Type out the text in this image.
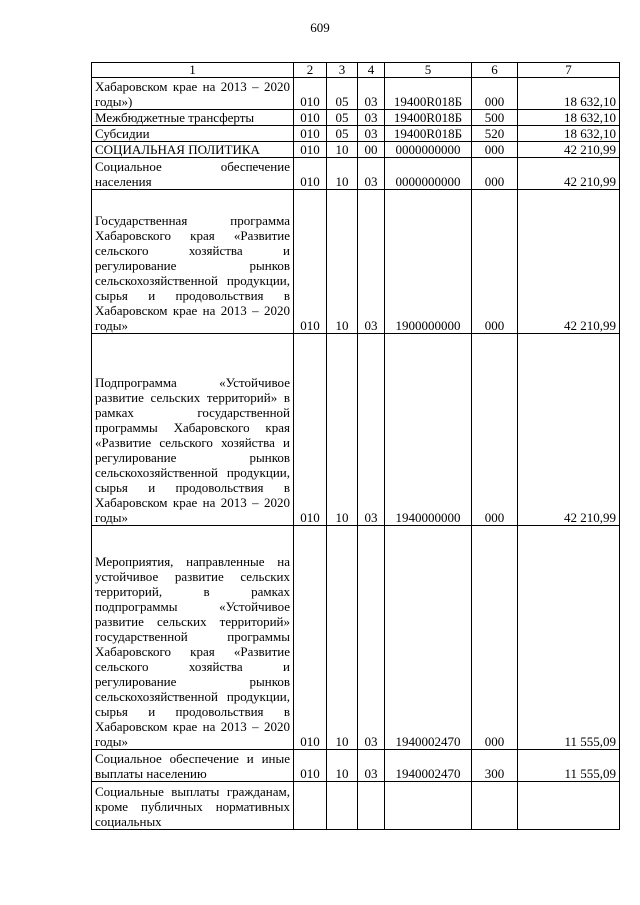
609
1	2	3	4	5	6	7
Хабаровском крае на 2013 – 2020 годы»)	010	05	03	19400R018Б	000	18 632,10
Межбюджетные трансферты	010	05	03	19400R018Б	500	18 632,10
Субсидии	010	05	03	19400R018Б	520	18 632,10
СОЦИАЛЬНАЯ ПОЛИТИКА	010	10	00	0000000000	000	42 210,99
Социальное обеспечение населения	010	10	03	0000000000	000	42 210,99
Государственная программа Хабаровского края «Развитие сельского хозяйства и регулирование рынков сельскохозяйственной продукции, сырья и продовольствия в Хабаровском крае на 2013 – 2020 годы»	010	10	03	1900000000	000	42 210,99
Подпрограмма «Устойчивое развитие сельских территорий» в рамках государственной программы Хабаровского края «Развитие сельского хозяйства и регулирование рынков сельскохозяйственной продукции, сырья и продовольствия в Хабаровском крае на 2013 – 2020 годы»	010	10	03	1940000000	000	42 210,99
Мероприятия, направленные на устойчивое развитие сельских территорий, в рамках подпрограммы «Устойчивое развитие сельских территорий» государственной программы Хабаровского края «Развитие сельского хозяйства и регулирование рынков сельскохозяйственной продукции, сырья и продовольствия в Хабаровском крае на 2013 – 2020 годы»	010	10	03	1940002470	000	11 555,09
Социальное обеспечение и иные выплаты населению	010	10	03	1940002470	300	11 555,09
Социальные выплаты гражданам, кроме публичных нормативных социальных						
